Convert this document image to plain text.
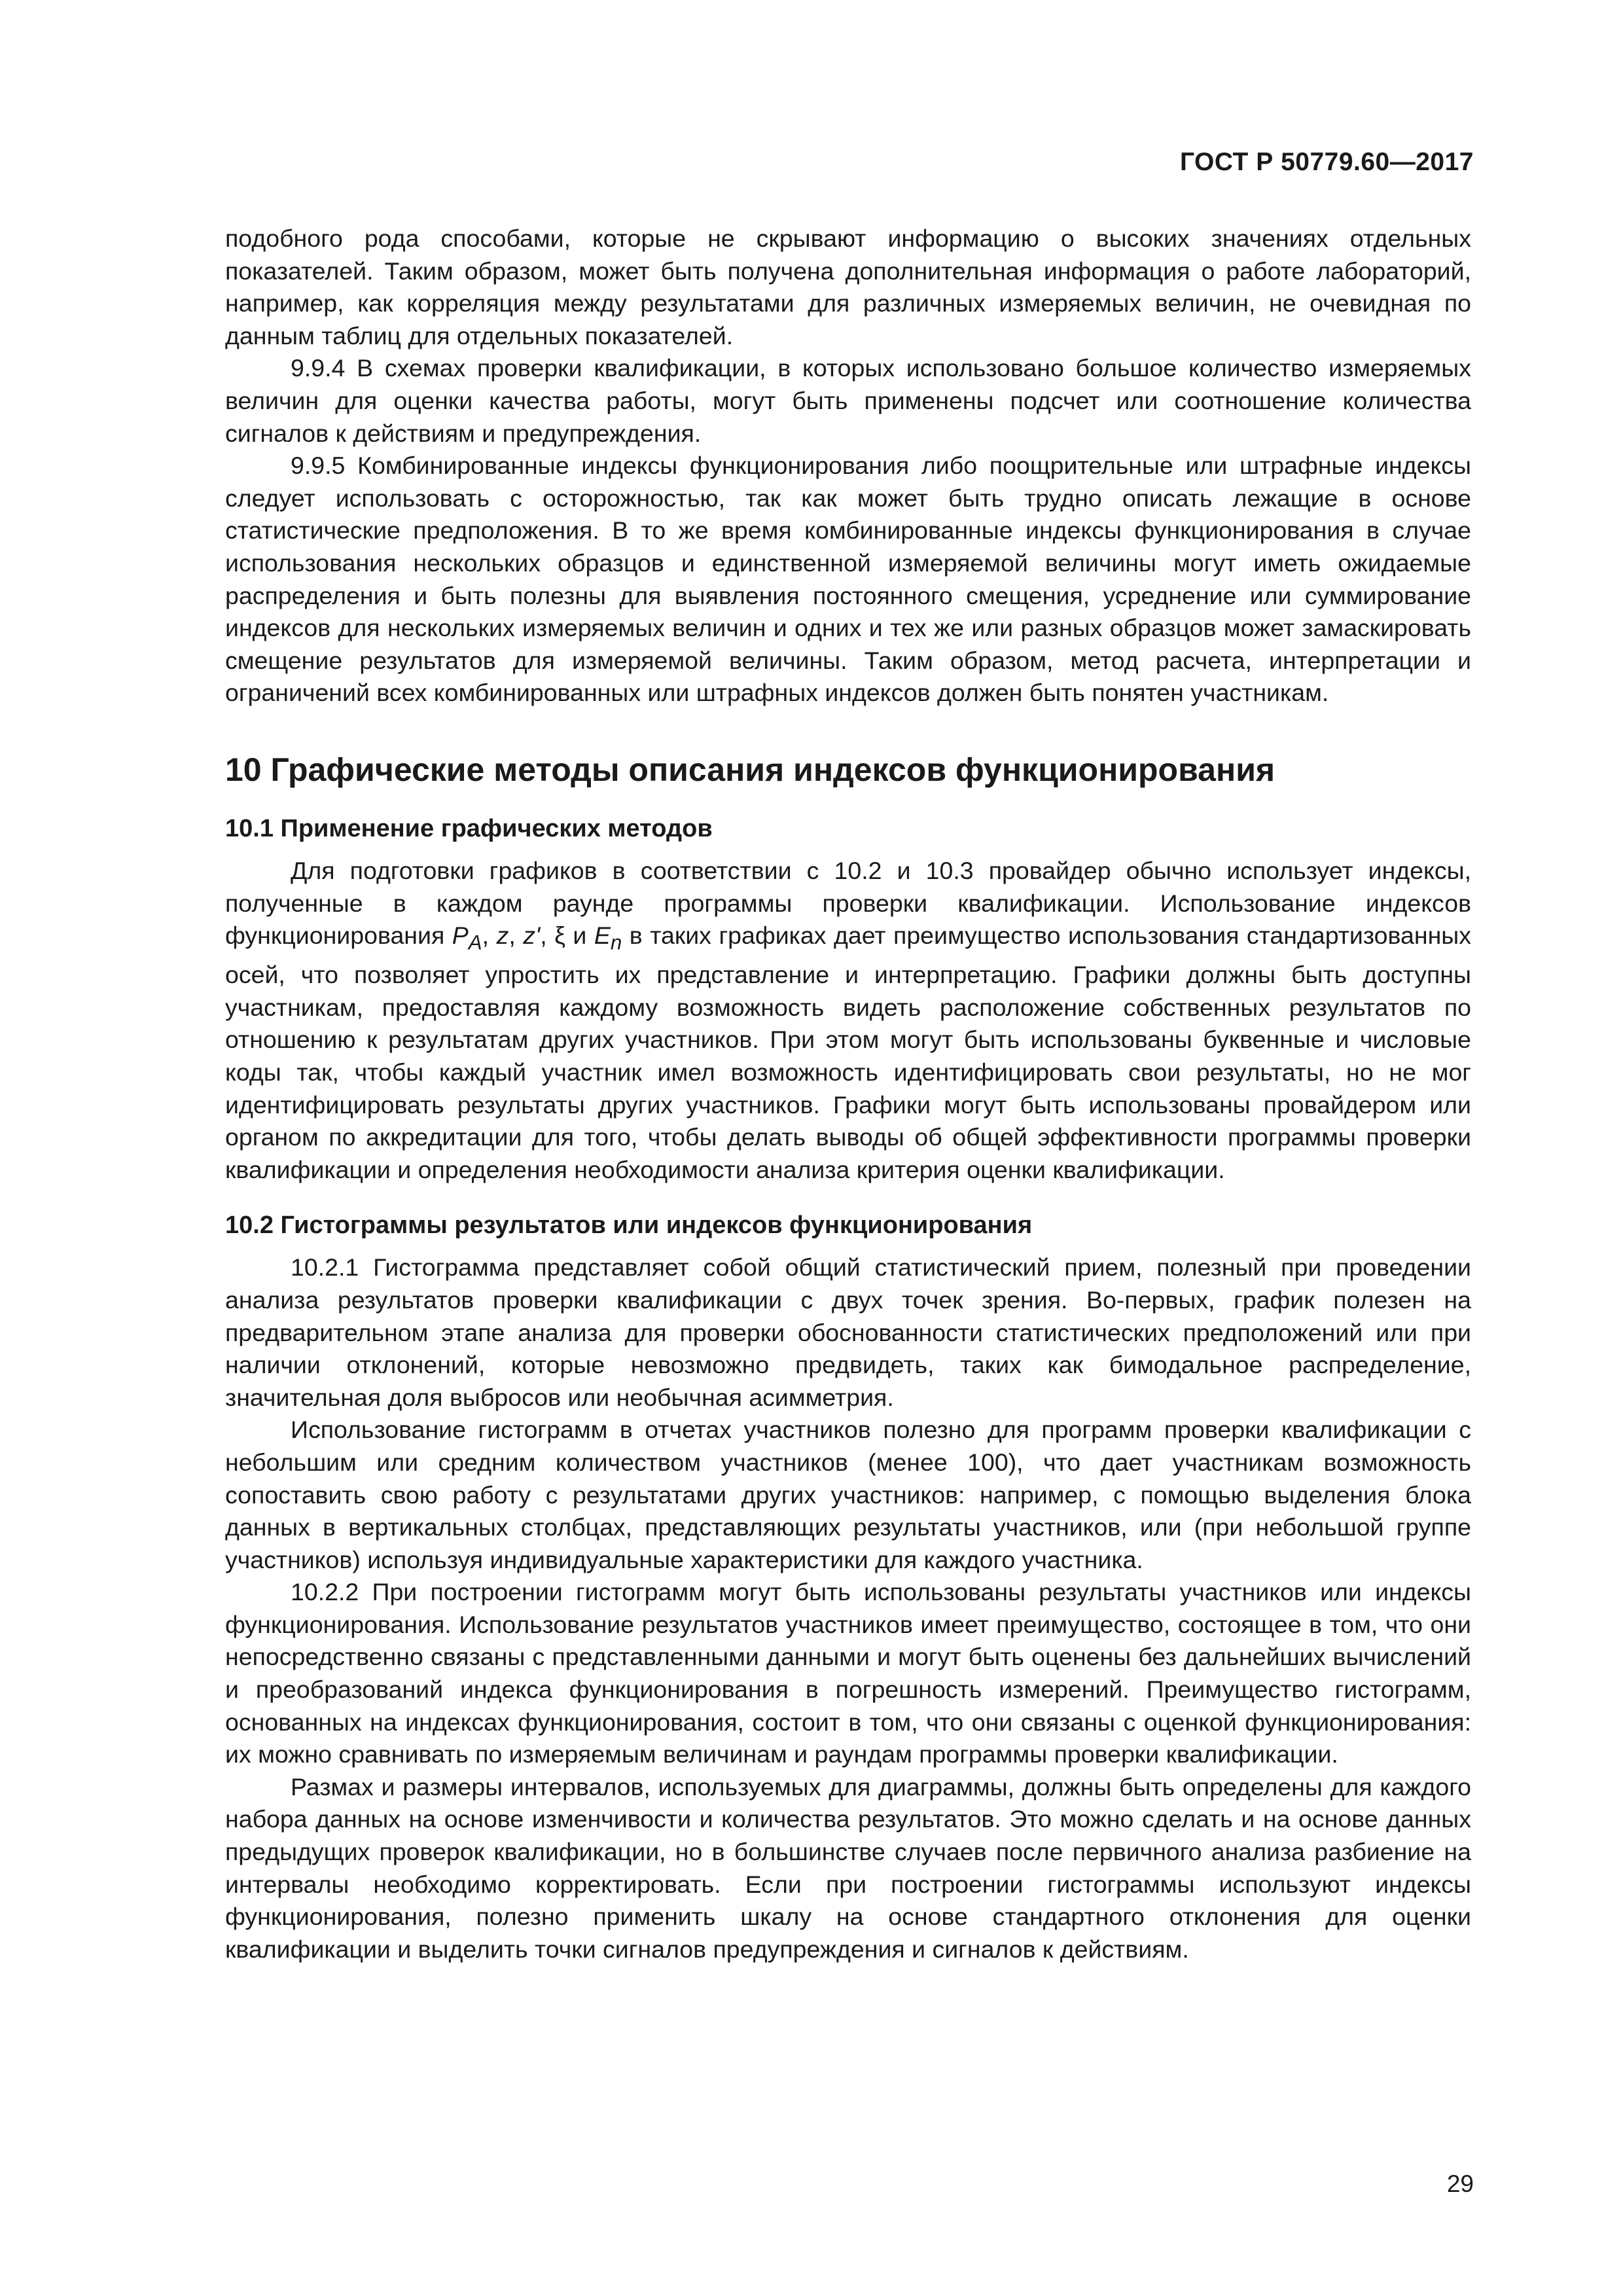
ГОСТ Р 50779.60—2017

подобного рода способами, которые не скрывают информацию о высоких значениях отдельных показателей. Таким образом, может быть получена дополнительная информация о работе лабораторий, например, как корреляция между результатами для различных измеряемых величин, не очевидная по данным таблиц для отдельных показателей.

9.9.4 В схемах проверки квалификации, в которых использовано большое количество измеряемых величин для оценки качества работы, могут быть применены подсчет или соотношение количества сигналов к действиям и предупреждения.

9.9.5 Комбинированные индексы функционирования либо поощрительные или штрафные индексы следует использовать с осторожностью, так как может быть трудно описать лежащие в основе статистические предположения. В то же время комбинированные индексы функционирования в случае использования нескольких образцов и единственной измеряемой величины могут иметь ожидаемые распределения и быть полезны для выявления постоянного смещения, усреднение или суммирование индексов для нескольких измеряемых величин и одних и тех же или разных образцов может замаскировать смещение результатов для измеряемой величины. Таким образом, метод расчета, интерпретации и ограничений всех комбинированных или штрафных индексов должен быть понятен участникам.

10 Графические методы описания индексов функционирования
10.1 Применение графических методов

Для подготовки графиков в соответствии с 10.2 и 10.3 провайдер обычно использует индексы, полученные в каждом раунде программы проверки квалификации. Использование индексов функционирования $P_A$, z, z', ξ и $E_n$ в таких графиках дает преимущество использования стандартизованных осей, что позволяет упростить их представление и интерпретацию. Графики должны быть доступны участникам, предоставляя каждому возможность видеть расположение собственных результатов по отношению к результатам других участников. При этом могут быть использованы буквенные и числовые коды так, чтобы каждый участник имел возможность идентифицировать свои результаты, но не мог идентифицировать результаты других участников. Графики могут быть использованы провайдером или органом по аккредитации для того, чтобы делать выводы об общей эффективности программы проверки квалификации и определения необходимости анализа критерия оценки квалификации.

10.2 Гистограммы результатов или индексов функционирования

10.2.1 Гистограмма представляет собой общий статистический прием, полезный при проведении анализа результатов проверки квалификации с двух точек зрения. Во-первых, график полезен на предварительном этапе анализа для проверки обоснованности статистических предположений или при наличии отклонений, которые невозможно предвидеть, таких как бимодальное распределение, значительная доля выбросов или необычная асимметрия.

Использование гистограмм в отчетах участников полезно для программ проверки квалификации с небольшим или средним количеством участников (менее 100), что дает участникам возможность сопоставить свою работу с результатами других участников: например, с помощью выделения блока данных в вертикальных столбцах, представляющих результаты участников, или (при небольшой группе участников) используя индивидуальные характеристики для каждого участника.

10.2.2 При построении гистограмм могут быть использованы результаты участников или индексы функционирования. Использование результатов участников имеет преимущество, состоящее в том, что они непосредственно связаны с представленными данными и могут быть оценены без дальнейших вычислений и преобразований индекса функционирования в погрешность измерений. Преимущество гистограмм, основанных на индексах функционирования, состоит в том, что они связаны с оценкой функционирования: их можно сравнивать по измеряемым величинам и раундам программы проверки квалификации.

Размах и размеры интервалов, используемых для диаграммы, должны быть определены для каждого набора данных на основе изменчивости и количества результатов. Это можно сделать и на основе данных предыдущих проверок квалификации, но в большинстве случаев после первичного анализа разбиение на интервалы необходимо корректировать. Если при построении гистограммы используют индексы функционирования, полезно применить шкалу на основе стандартного отклонения для оценки квалификации и выделить точки сигналов предупреждения и сигналов к действиям.

29
